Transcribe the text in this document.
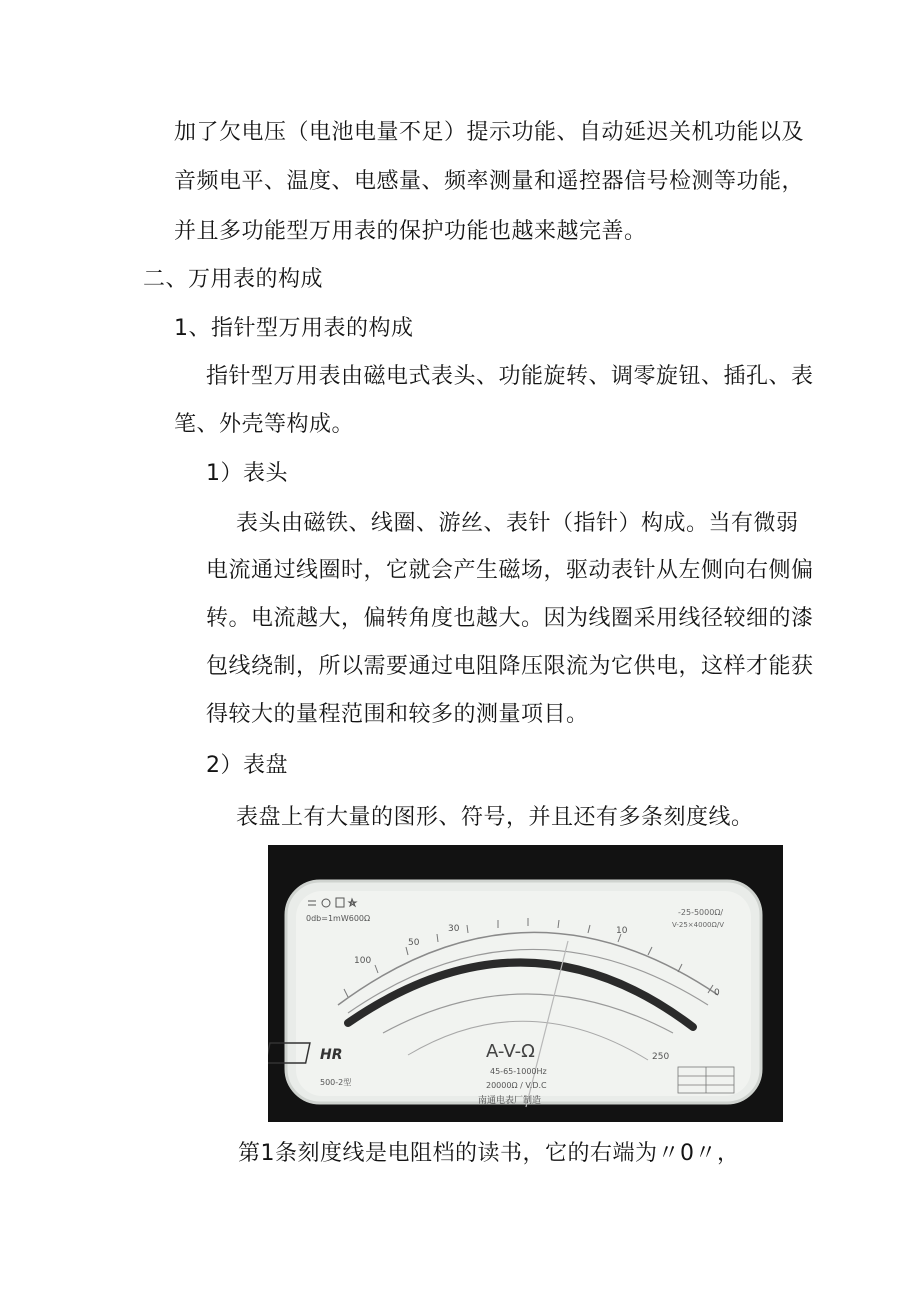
加了欠电压（电池电量不足）提示功能、自动延迟关机功能以及
音频电平、温度、电感量、频率测量和遥控器信号检测等功能，
并且多功能型万用表的保护功能也越来越完善。
二、万用表的构成
1、指针型万用表的构成
指针型万用表由磁电式表头、功能旋转、调零旋钮、插孔、表
笔、外壳等构成。
1）表头
表头由磁铁、线圈、游丝、表针（指针）构成。当有微弱
电流通过线圈时，它就会产生磁场，驱动表针从左侧向右侧偏
转。电流越大，偏转角度也越大。因为线圈采用线径较细的漆
包线绕制，所以需要通过电阻降压限流为它供电，这样才能获
得较大的量程范围和较多的测量项目。
2）表盘
表盘上有大量的图形、符号，并且还有多条刻度线。
0
10
30
50
100
250
0db=1mW600Ω
-25-5000Ω/
V-25×4000Ω/V
A-V-Ω
45-65-1000Hz
20000Ω / V.D.C
HR
500-2型
南通电表厂制造
第1条刻度线是电阻档的读书，它的右端为〃0〃，
